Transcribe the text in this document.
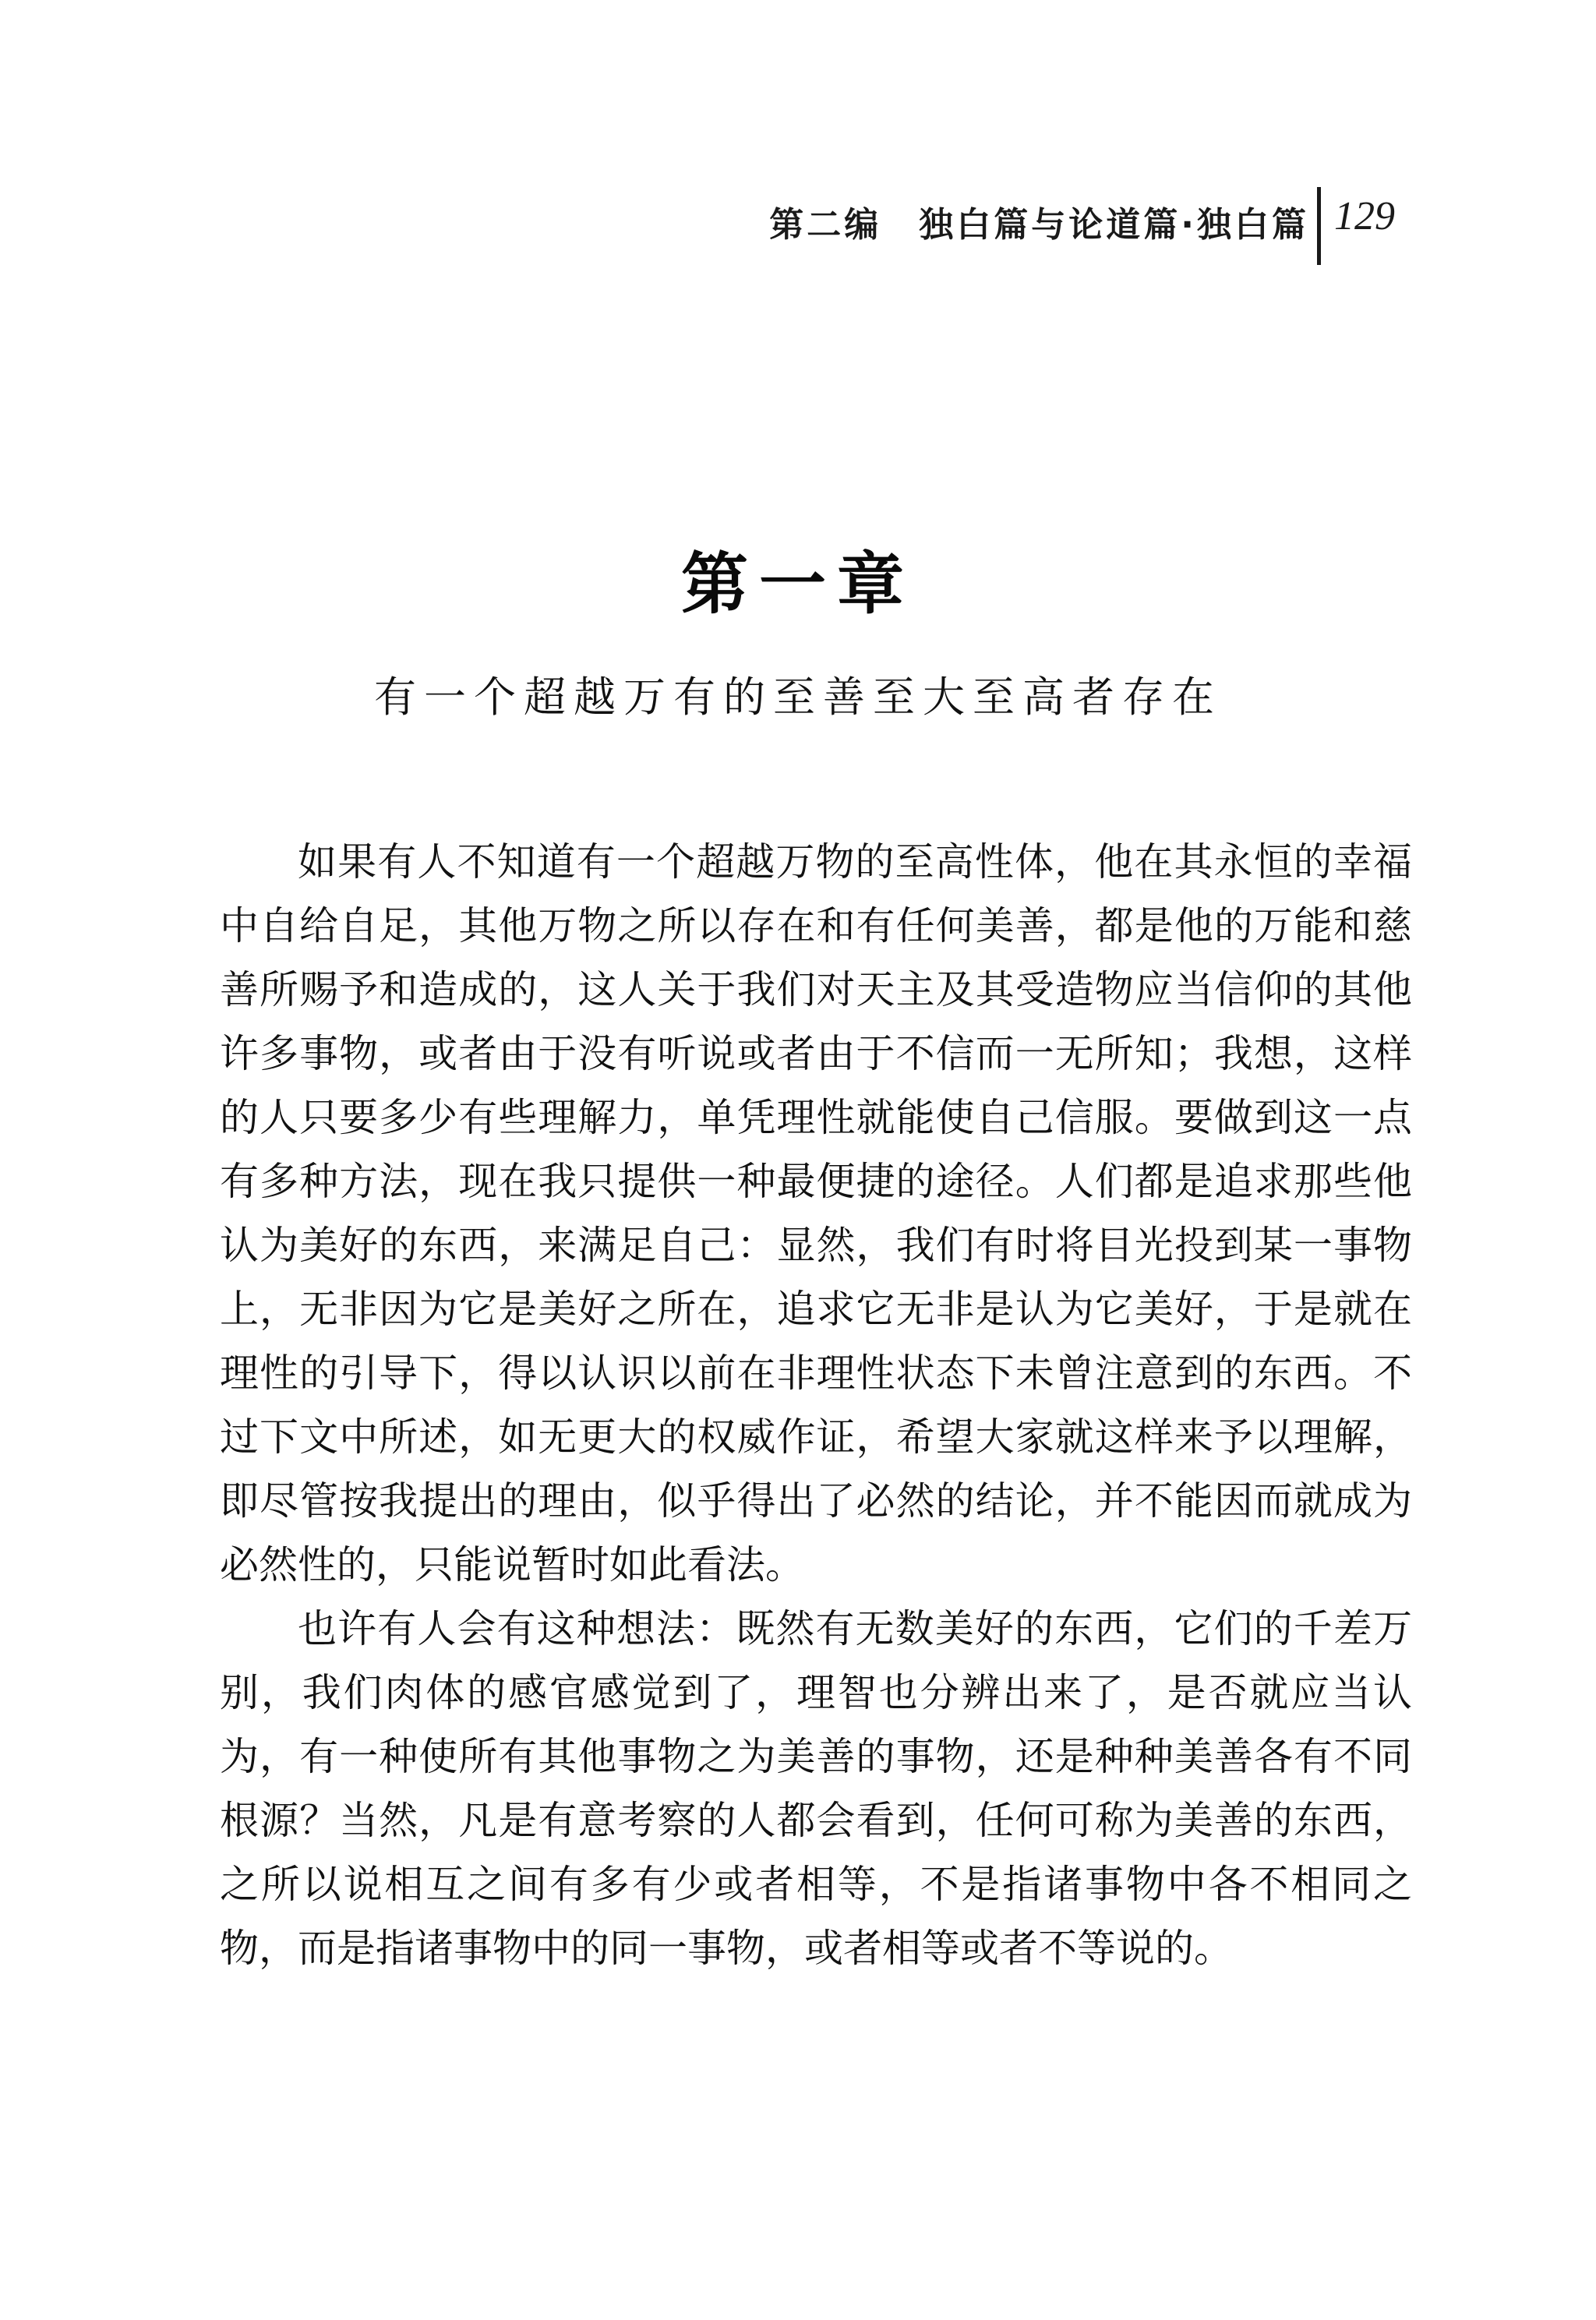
第二编　独白篇与论道篇·独白篇 129
第一章
有一个超越万有的至善至大至高者存在

如果有人不知道有一个超越万物的至高性体，他在其永恒的幸福中自给自足，其他万物之所以存在和有任何美善，都是他的万能和慈善所赐予和造成的，这人关于我们对天主及其受造物应当信仰的其他许多事物，或者由于没有听说或者由于不信而一无所知；我想，这样的人只要多少有些理解力，单凭理性就能使自己信服。要做到这一点有多种方法，现在我只提供一种最便捷的途径。人们都是追求那些他认为美好的东西，来满足自己：显然，我们有时将目光投到某一事物上，无非因为它是美好之所在，追求它无非是认为它美好，于是就在理性的引导下，得以认识以前在非理性状态下未曾注意到的东西。不过下文中所述，如无更大的权威作证，希望大家就这样来予以理解，即尽管按我提出的理由，似乎得出了必然的结论，并不能因而就成为必然性的，只能说暂时如此看法。

也许有人会有这种想法：既然有无数美好的东西，它们的千差万别，我们肉体的感官感觉到了，理智也分辨出来了，是否就应当认为，有一种使所有其他事物之为美善的事物，还是种种美善各有不同根源？当然，凡是有意考察的人都会看到，任何可称为美善的东西，之所以说相互之间有多有少或者相等，不是指诸事物中各不相同之物，而是指诸事物中的同一事物，或者相等或者不等说的。
